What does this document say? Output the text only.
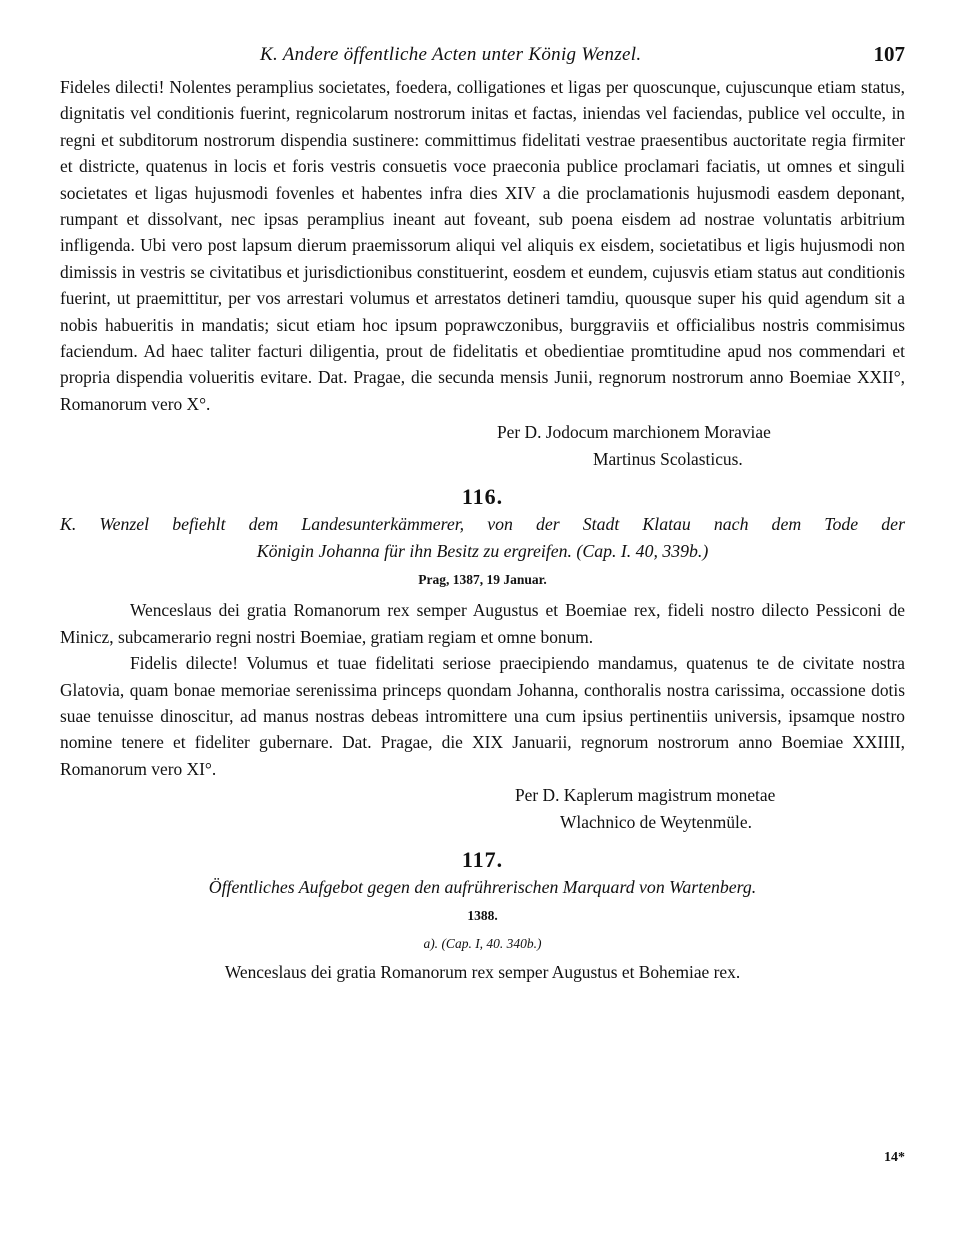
K. Andere öffentliche Acten unter König Wenzel.	107

Fideles dilecti! Nolentes peramplius societates, foedera, colligationes et ligas per quoscunque, cujuscunque etiam status, dignitatis vel conditionis fuerint, regnicolarum nostrorum initas et factas, iniendas vel faciendas, publice vel occulte, in regni et subditorum nostrorum dispendia sustinere: committimus fidelitati vestrae praesentibus auctoritate regia firmiter et districte, quatenus in locis et foris vestris consuetis voce praeconia publice proclamari faciatis, ut omnes et singuli societates et ligas hujusmodi fovenles et habentes infra dies XIV a die proclamationis hujusmodi easdem deponant, rumpant et dissolvant, nec ipsas peramplius ineant aut foveant, sub poena eisdem ad nostrae voluntatis arbitrium infligenda. Ubi vero post lapsum dierum praemissorum aliqui vel aliquis ex eisdem, societatibus et ligis hujusmodi non dimissis in vestris se civitatibus et jurisdictionibus constituerint, eosdem et eundem, cujusvis etiam status aut conditionis fuerint, ut praemittitur, per vos arrestari volumus et arrestatos detineri tamdiu, quousque super his quid agendum sit a nobis habueritis in mandatis; sicut etiam hoc ipsum poprawczonibus, burggraviis et officialibus nostris commisimus faciendum. Ad haec taliter facturi diligentia, prout de fidelitatis et obedientiae promtitudine apud nos commendari et propria dispendia volueritis evitare. Dat. Pragae, die secunda mensis Junii, regnorum nostrorum anno Boemiae XXII°, Romanorum vero X°.

Per D. Jodocum marchionem Moraviae

Martinus Scolasticus.

116.

K. Wenzel befiehlt dem Landesunterkämmerer, von der Stadt Klatau nach dem Tode der

Königin Johanna für ihn Besitz zu ergreifen. (Cap. I. 40, 339b.)

Prag, 1387, 19 Januar.

Wenceslaus dei gratia Romanorum rex semper Augustus et Boemiae rex, fideli nostro dilecto Pessiconi de Minicz, subcamerario regni nostri Boemiae, gratiam regiam et omne bonum.

Fidelis dilecte! Volumus et tuae fidelitati seriose praecipiendo mandamus, quatenus te de civitate nostra Glatovia, quam bonae memoriae serenissima princeps quondam Johanna, conthoralis nostra carissima, occassione dotis suae tenuisse dinoscitur, ad manus nostras debeas intromittere una cum ipsius pertinentiis universis, ipsamque nostro nomine tenere et fideliter gubernare. Dat. Pragae, die XIX Januarii, regnorum nostrorum anno Boemiae XXIIII, Romanorum vero XI°.

Per D. Kaplerum magistrum monetae

Wlachnico de Weytenmüle.

117.

Öffentliches Aufgebot gegen den aufrührerischen Marquard von Wartenberg.

1388.

a). (Cap. I, 40. 340b.)

Wenceslaus dei gratia Romanorum rex semper Augustus et Bohemiae rex.

14*
